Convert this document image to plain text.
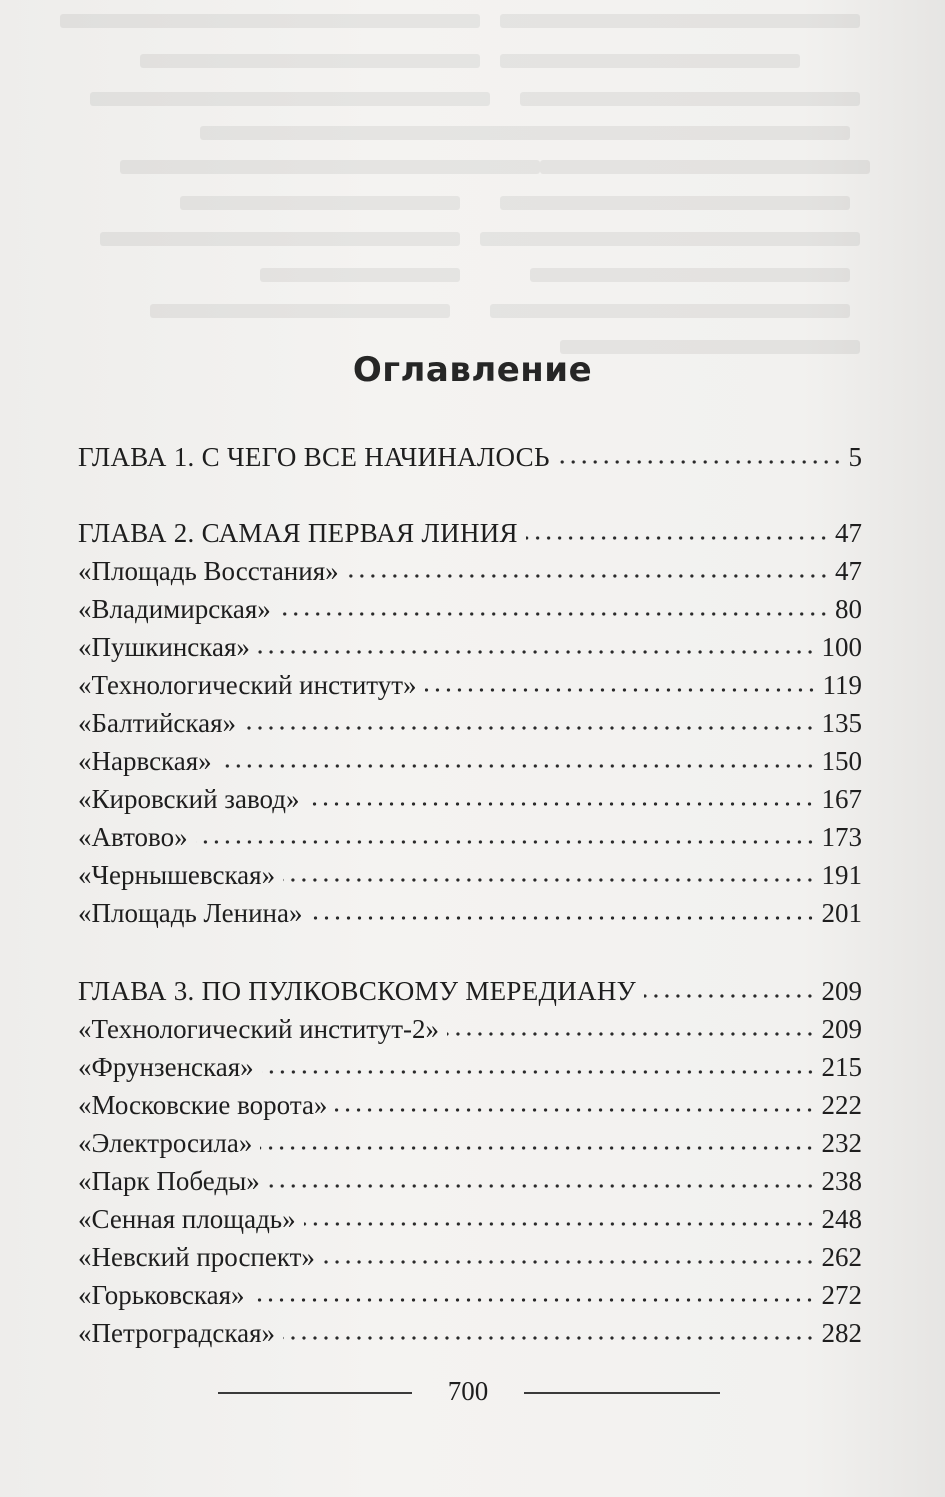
Оглавление
ГЛАВА 1. С ЧЕГО ВСЕ НАЧИНАЛОСЬ	5
ГЛАВА 2. САМАЯ ПЕРВАЯ ЛИНИЯ	47
«Площадь Восстания»	47
«Владимирская»	80
«Пушкинская»	100
«Технологический институт»	119
«Балтийская»	135
«Нарвская»	150
«Кировский завод»	167
«Автово»	173
«Чернышевская»	191
«Площадь Ленина»	201
ГЛАВА 3. ПО ПУЛКОВСКОМУ МЕРЕДИАНУ	209
«Технологический институт-2»	209
«Фрунзенская»	215
«Московские ворота»	222
«Электросила»	232
«Парк Победы»	238
«Сенная площадь»	248
«Невский проспект»	262
«Горьковская»	272
«Петроградская»	282
700
